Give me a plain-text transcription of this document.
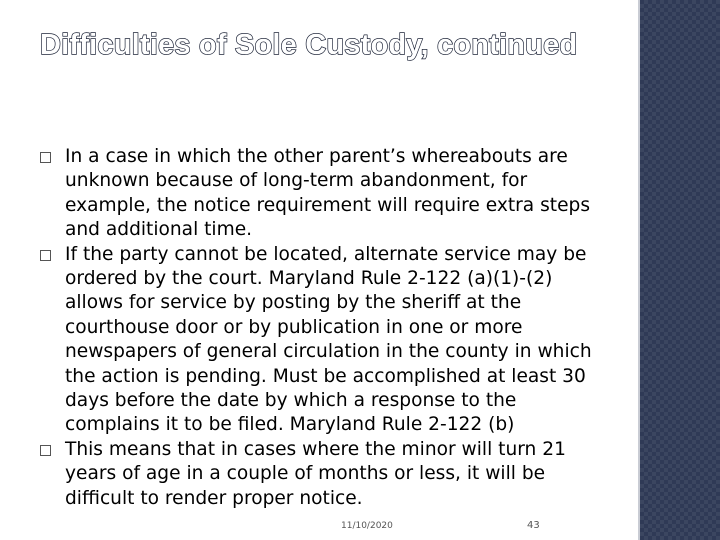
Difficulties of Sole Custody, continued
In a case in which the other parent’s whereabouts are unknown because of long-term abandonment, for example, the notice requirement will require extra steps and additional time.
If the party cannot be located, alternate service may be ordered by the court. Maryland Rule 2-122 (a)(1)-(2) allows for service by posting by the sheriff at the courthouse door or by publication in one or more newspapers of general circulation in the county in which the action is pending. Must be accomplished at least 30 days before the date by which a response to the complains it to be filed. Maryland Rule 2-122 (b)
This means that in cases where the minor will turn 21 years of age in a couple of months or less, it will be difficult to render proper notice.
11/10/2020	43
